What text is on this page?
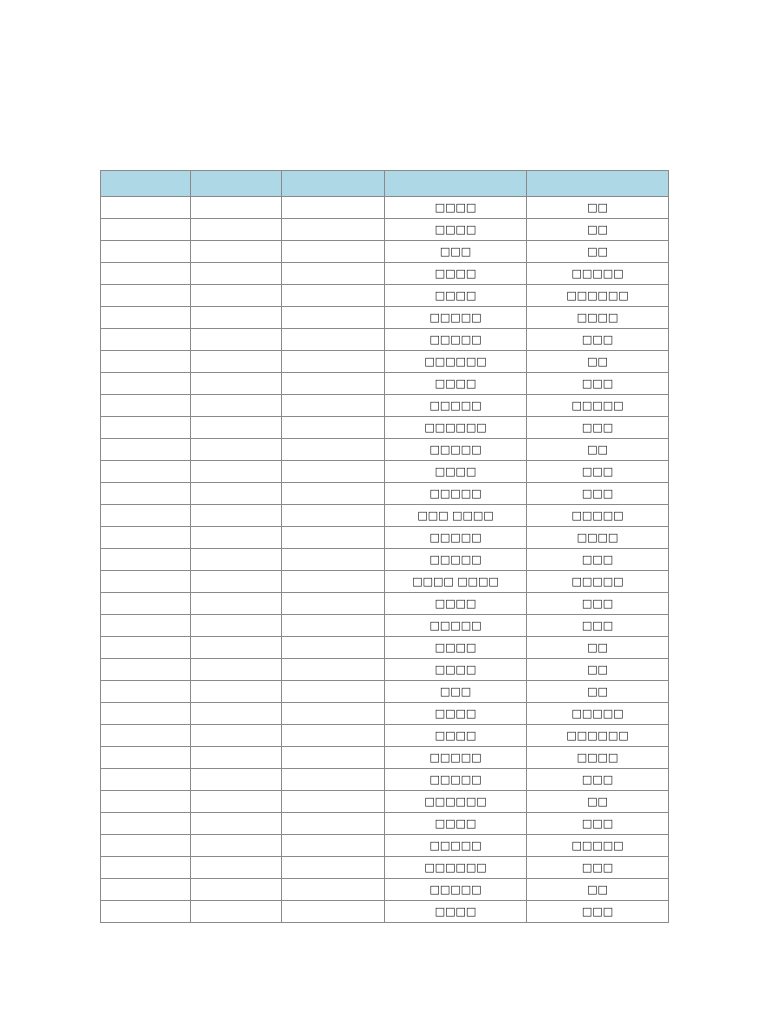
			□□□□	□□
			□□□□	□□
			□□□	□□
			□□□□	□□□□□
			□□□□	□□□□□□
			□□□□□	□□□□
			□□□□□	□□□
			□□□□□□	□□
			□□□□	□□□
			□□□□□	□□□□□
			□□□□□□	□□□
			□□□□□	□□
			□□□□	□□□
			□□□□□	□□□
			□□□ □□□□	□□□□□
			□□□□□	□□□□
			□□□□□	□□□
			□□□□ □□□□	□□□□□
			□□□□	□□□
			□□□□□	□□□
			□□□□	□□
			□□□□	□□
			□□□	□□
			□□□□	□□□□□
			□□□□	□□□□□□
			□□□□□	□□□□
			□□□□□	□□□
			□□□□□□	□□
			□□□□	□□□
			□□□□□	□□□□□
			□□□□□□	□□□
			□□□□□	□□
			□□□□	□□□
